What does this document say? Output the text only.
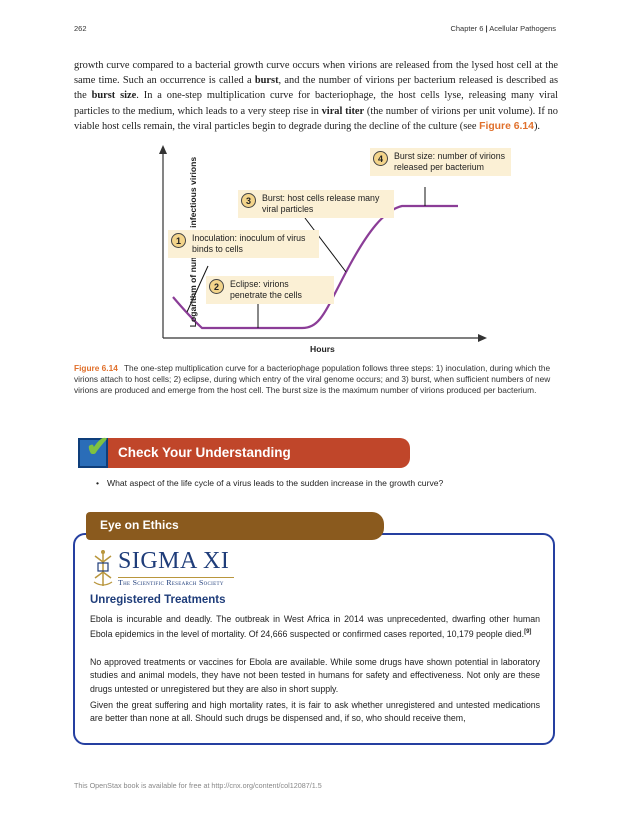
262	Chapter 6 | Acellular Pathogens
growth curve compared to a bacterial growth curve occurs when virions are released from the lysed host cell at the same time. Such an occurrence is called a burst, and the number of virions per bacterium released is described as the burst size. In a one-step multiplication curve for bacteriophage, the host cells lyse, releasing many viral particles to the medium, which leads to a very steep rise in viral titer (the number of virions per unit volume). If no viable host cells remain, the viral particles begin to degrade during the decline of the culture (see Figure 6.14).
Hours
1	Inoculation: inoculum of virus binds to cells
2	Eclipse: virions penetrate the cells
3	Burst: host cells release many viral particles
4	Burst size: number of virions released per bacterium
Figure 6.14 The one-step multiplication curve for a bacteriophage population follows three steps: 1) inoculation, during which the virions attach to host cells; 2) eclipse, during which entry of the viral genome occurs; and 3) burst, when sufficient numbers of new virions are produced and emerge from the host cell. The burst size is the maximum number of virions produced per bacterium.
✔ Check Your Understanding
• What aspect of the life cycle of a virus leads to the sudden increase in the growth curve?
Eye on Ethics
SIGMA XI
The Scientific Research Society
Unregistered Treatments
Ebola is incurable and deadly. The outbreak in West Africa in 2014 was unprecedented, dwarfing other human Ebola epidemics in the level of mortality. Of 24,666 suspected or confirmed cases reported, 10,179 people died.[9]
No approved treatments or vaccines for Ebola are available. While some drugs have shown potential in laboratory studies and animal models, they have not been tested in humans for safety and effectiveness. Not only are these drugs untested or unregistered but they are also in short supply.
Given the great suffering and high mortality rates, it is fair to ask whether unregistered and untested medications are better than none at all. Should such drugs be dispensed and, if so, who should receive them,
This OpenStax book is available for free at http://cnx.org/content/col12087/1.5
